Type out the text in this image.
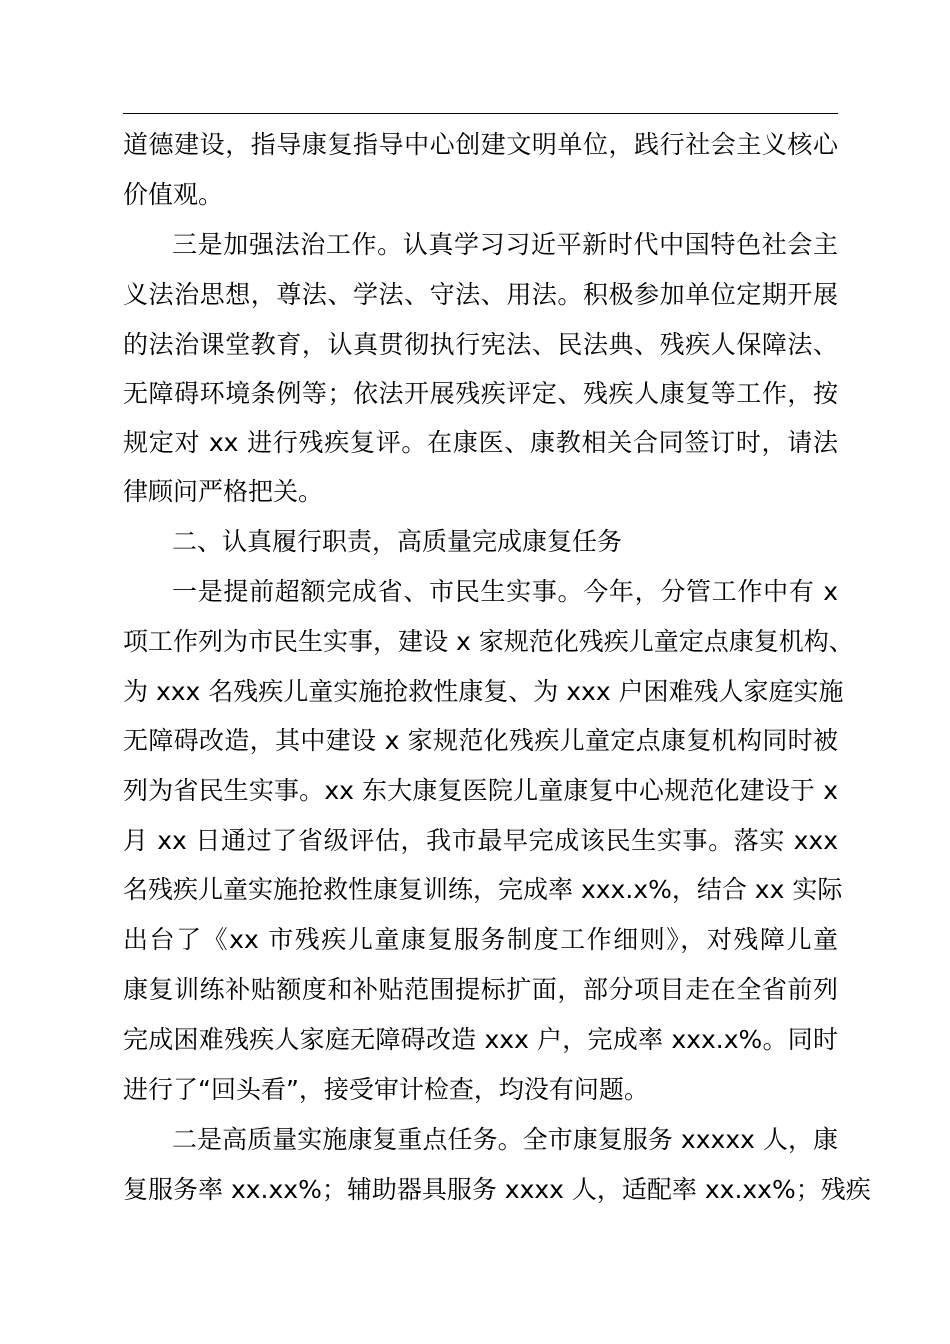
道德建设，指导康复指导中心创建文明单位，践行社会主义核心
价值观。
三是加强法治工作。认真学习习近平新时代中国特色社会主
义法治思想，尊法、学法、守法、用法。积极参加单位定期开展
的法治课堂教育，认真贯彻执行宪法、民法典、残疾人保障法、
无障碍环境条例等；依法开展残疾评定、残疾人康复等工作，按
规定对 xx 进行残疾复评。在康医、康教相关合同签订时，请法
律顾问严格把关。
二、认真履行职责，高质量完成康复任务
一是提前超额完成省、市民生实事。今年，分管工作中有 x
项工作列为市民生实事，建设 x 家规范化残疾儿童定点康复机构、
为 xxx 名残疾儿童实施抢救性康复、为 xxx 户困难残人家庭实施
无障碍改造，其中建设 x 家规范化残疾儿童定点康复机构同时被
列为省民生实事。xx 东大康复医院儿童康复中心规范化建设于 x
月 xx 日通过了省级评估，我市最早完成该民生实事。落实 xxx
名残疾儿童实施抢救性康复训练，完成率 xxx.x%，结合 xx 实际
出台了《xx 市残疾儿童康复服务制度工作细则》，对残障儿童
康复训练补贴额度和补贴范围提标扩面，部分项目走在全省前列
完成困难残疾人家庭无障碍改造 xxx 户，完成率 xxx.x%。同时
进行了“回头看”，接受审计检查，均没有问题。
二是高质量实施康复重点任务。全市康复服务 xxxxx 人，康
复服务率 xx.xx%；辅助器具服务 xxxx 人，适配率 xx.xx%；残疾
